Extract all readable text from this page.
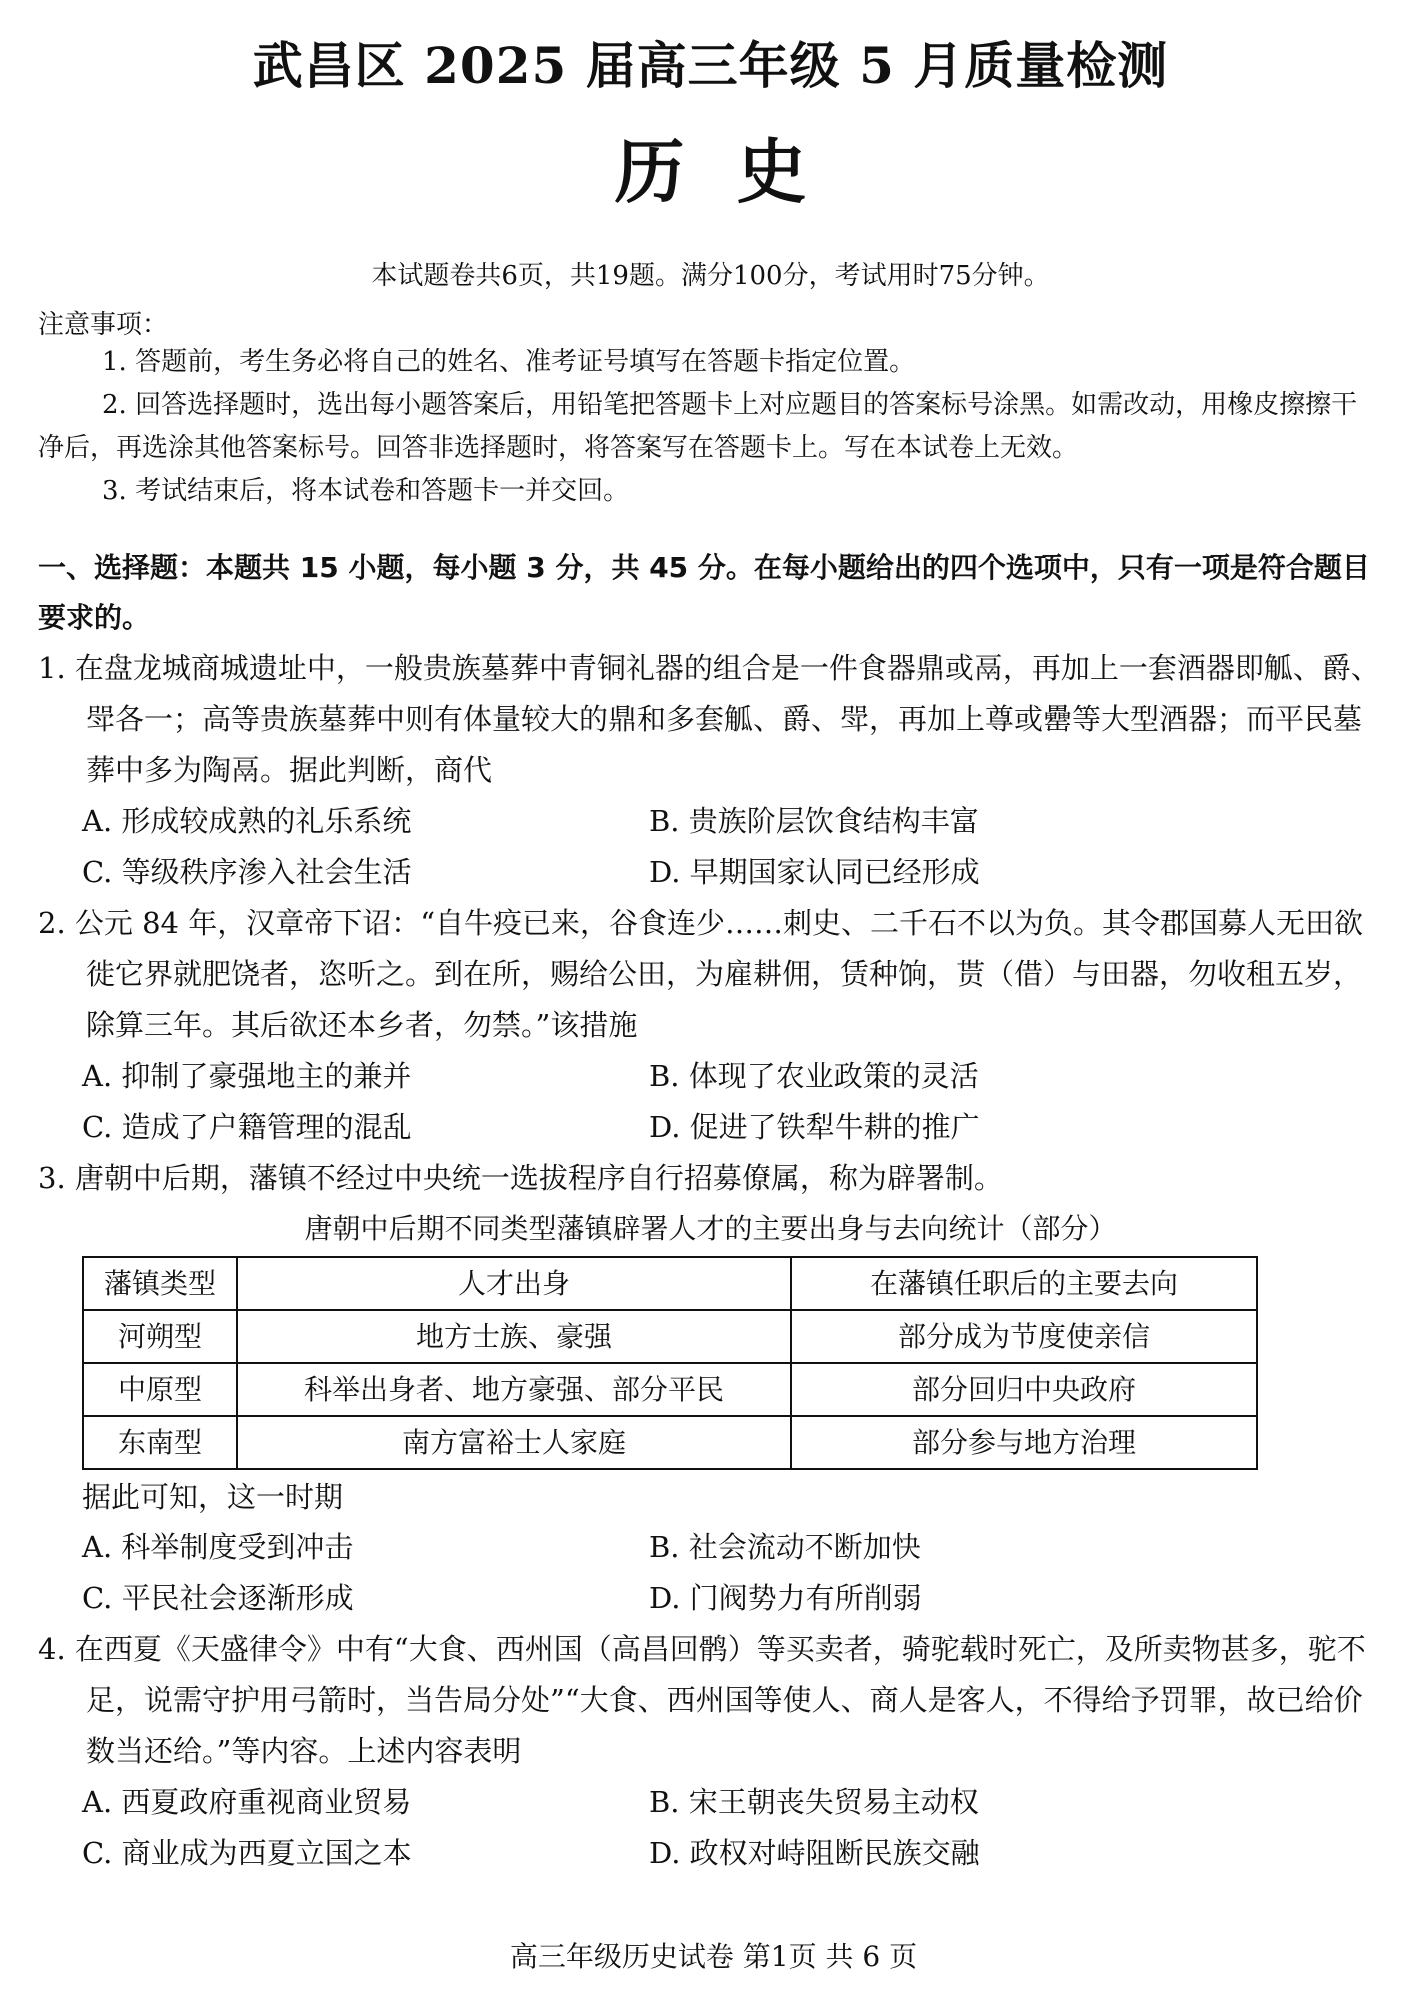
武昌区 2025 届高三年级 5 月质量检测
历史
本试题卷共6页，共19题。满分100分，考试用时75分钟。
注意事项：

1. 答题前，考生务必将自己的姓名、准考证号填写在答题卡指定位置。

2. 回答选择题时，选出每小题答案后，用铅笔把答题卡上对应题目的答案标号涂黑。如需改动，用橡皮擦擦干净后，再选涂其他答案标号。回答非选择题时，将答案写在答题卡上。写在本试卷上无效。

3. 考试结束后，将本试卷和答题卡一并交回。

一、选择题：本题共 15 小题，每小题 3 分，共 45 分。在每小题给出的四个选项中，只有一项是符合题目要求的。
1. 在盘龙城商城遗址中，一般贵族墓葬中青铜礼器的组合是一件食器鼎或鬲，再加上一套酒器即觚、爵、斝各一；高等贵族墓葬中则有体量较大的鼎和多套觚、爵、斝，再加上尊或罍等大型酒器；而平民墓葬中多为陶鬲。据此判断，商代
A. 形成较成熟的礼乐系统	B. 贵族阶层饮食结构丰富
C. 等级秩序渗入社会生活	D. 早期国家认同已经形成
2. 公元 84 年，汉章帝下诏：“自牛疫已来，谷食连少……刺史、二千石不以为负。其令郡国募人无田欲徙它界就肥饶者，恣听之。到在所，赐给公田，为雇耕佣，赁种饷，贳（借）与田器，勿收租五岁，除算三年。其后欲还本乡者，勿禁。”该措施
A. 抑制了豪强地主的兼并	B. 体现了农业政策的灵活
C. 造成了户籍管理的混乱	D. 促进了铁犁牛耕的推广
3. 唐朝中后期，藩镇不经过中央统一选拔程序自行招募僚属，称为辟署制。
唐朝中后期不同类型藩镇辟署人才的主要出身与去向统计（部分）
藩镇类型	人才出身	在藩镇任职后的主要去向
河朔型	地方士族、豪强	部分成为节度使亲信
中原型	科举出身者、地方豪强、部分平民	部分回归中央政府
东南型	南方富裕士人家庭	部分参与地方治理
据此可知，这一时期
A. 科举制度受到冲击	B. 社会流动不断加快
C. 平民社会逐渐形成	D. 门阀势力有所削弱
4. 在西夏《天盛律令》中有“大食、西州国（高昌回鹘）等买卖者，骑驼载时死亡，及所卖物甚多，驼不足，说需守护用弓箭时，当告局分处”“大食、西州国等使人、商人是客人，不得给予罚罪，故已给价数当还给。”等内容。上述内容表明
A. 西夏政府重视商业贸易	B. 宋王朝丧失贸易主动权
C. 商业成为西夏立国之本	D. 政权对峙阻断民族交融
高三年级历史试卷 第1页 共 6 页
